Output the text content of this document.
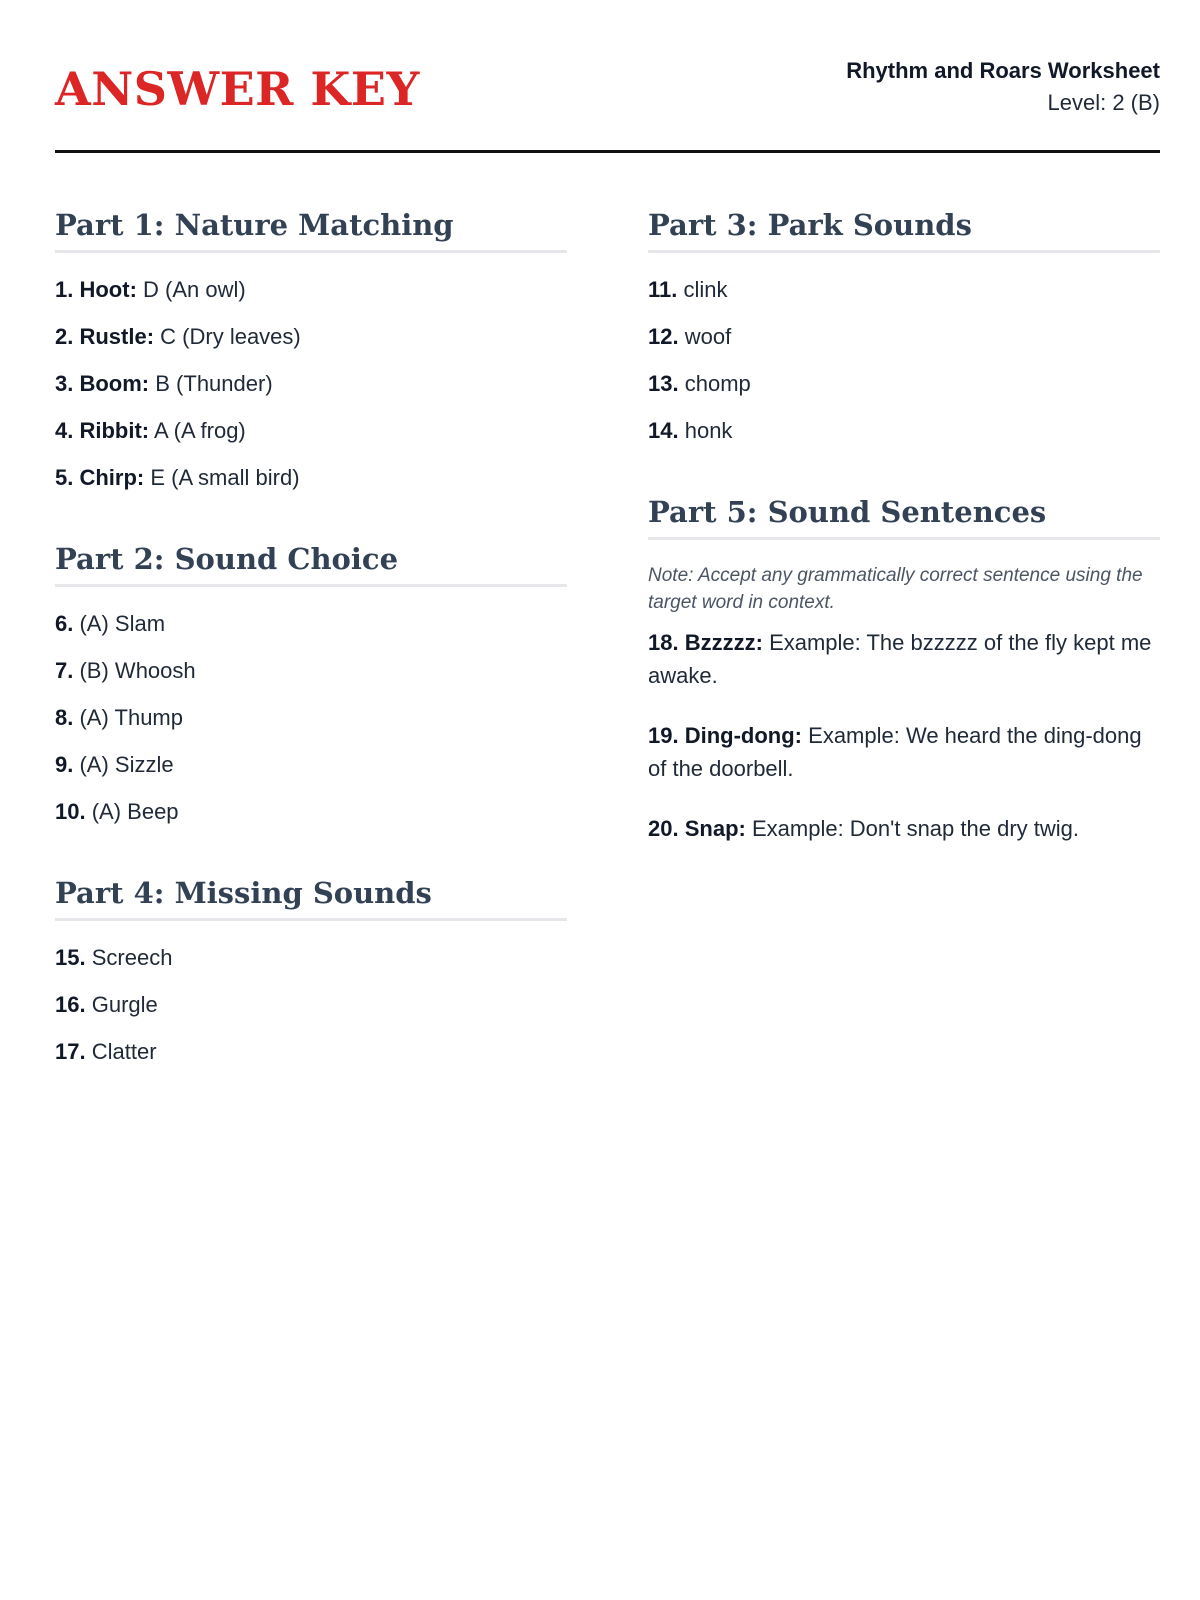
ANSWER KEY	Rhythm and Roars Worksheet
Level: 2 (B)
Part 1: Nature Matching
1. Hoot: D (An owl)
2. Rustle: C (Dry leaves)
3. Boom: B (Thunder)
4. Ribbit: A (A frog)
5. Chirp: E (A small bird)
Part 2: Sound Choice
6. (A) Slam
7. (B) Whoosh
8. (A) Thump
9. (A) Sizzle
10. (A) Beep
Part 4: Missing Sounds
15. Screech
16. Gurgle
17. Clatter
Part 3: Park Sounds
11. clink
12. woof
13. chomp
14. honk
Part 5: Sound Sentences

Note: Accept any grammatically correct sentence using the target word in context.

18. Bzzzzz: Example: The bzzzzz of the fly kept me awake.
19. Ding-dong: Example: We heard the ding-dong of the doorbell.
20. Snap: Example: Don't snap the dry twig.
